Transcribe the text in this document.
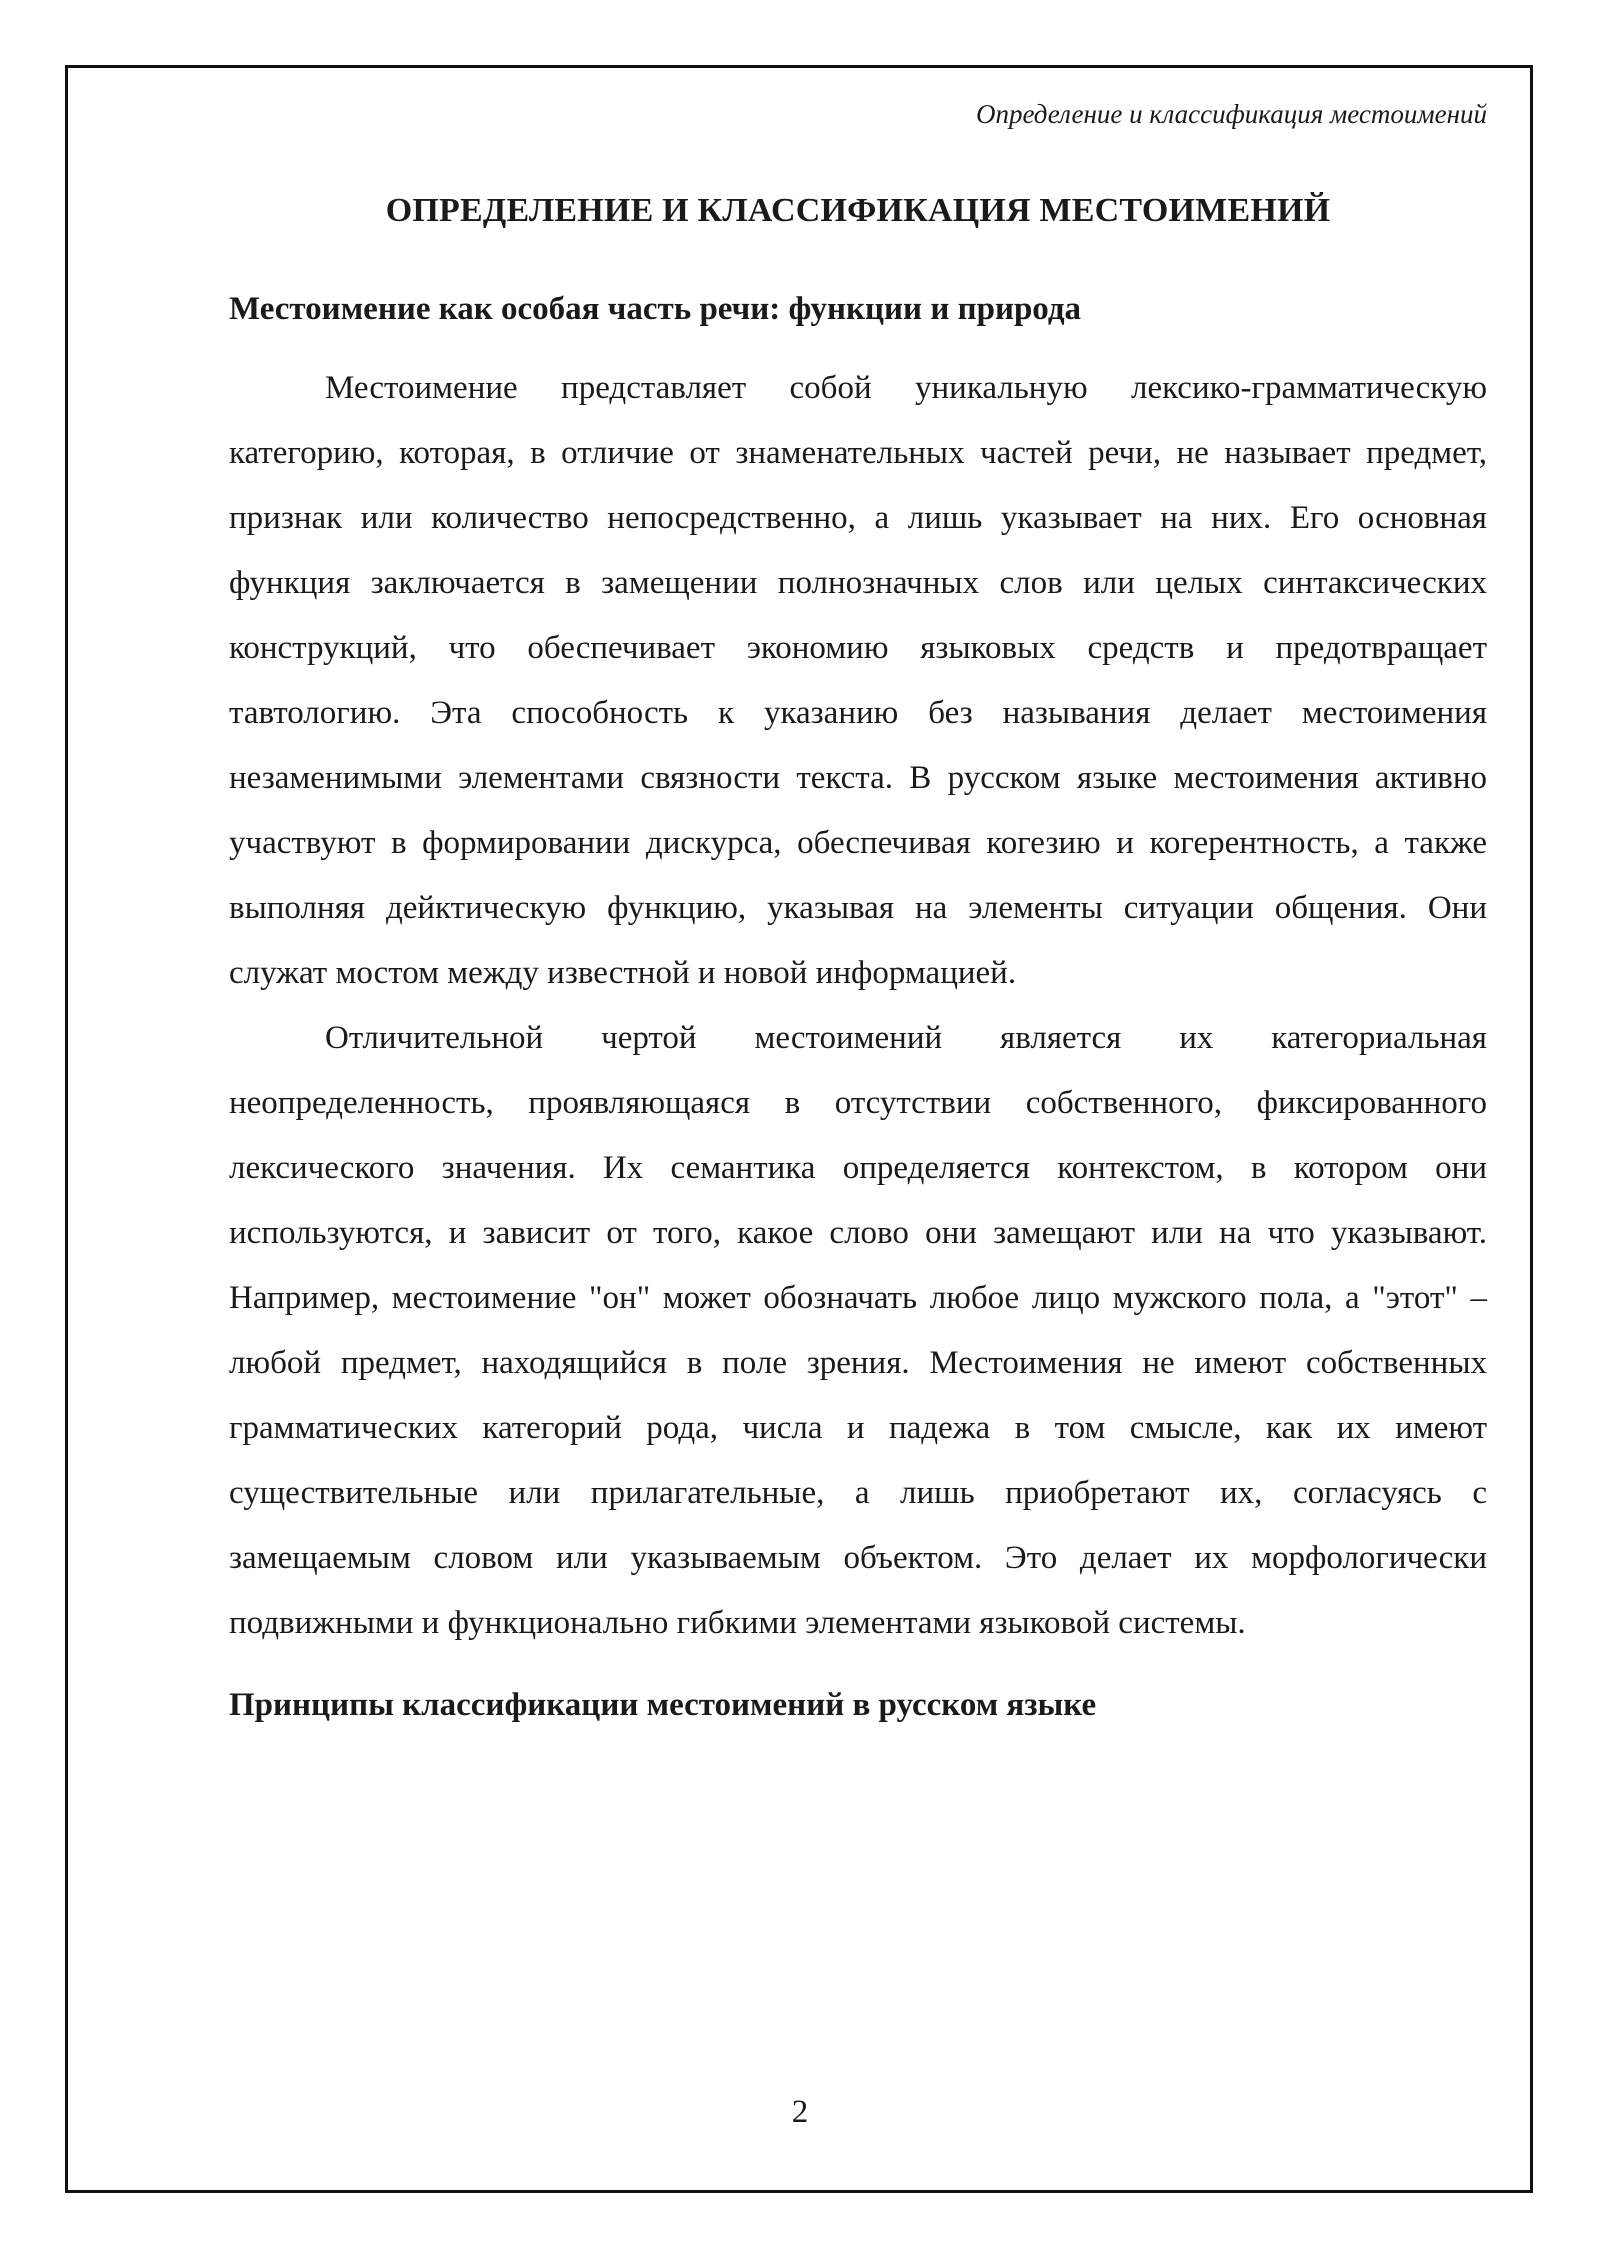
Определение и классификация местоимений
ОПРЕДЕЛЕНИЕ И КЛАССИФИКАЦИЯ МЕСТОИМЕНИЙ
Местоимение как особая часть речи: функции и природа

Местоимение представляет собой уникальную лексико-грамматическую категорию, которая, в отличие от знаменательных частей речи, не называет предмет, признак или количество непосредственно, а лишь указывает на них. Его основная функция заключается в замещении полнозначных слов или целых синтаксических конструкций, что обеспечивает экономию языковых средств и предотвращает тавтологию. Эта способность к указанию без называния делает местоимения незаменимыми элементами связности текста. В русском языке местоимения активно участвуют в формировании дискурса, обеспечивая когезию и когерентность, а также выполняя дейктическую функцию, указывая на элементы ситуации общения. Они служат мостом между известной и новой информацией.

Отличительной чертой местоимений является их категориальная неопределенность, проявляющаяся в отсутствии собственного, фиксированного лексического значения. Их семантика определяется контекстом, в котором они используются, и зависит от того, какое слово они замещают или на что указывают. Например, местоимение "он" может обозначать любое лицо мужского пола, а "этот" – любой предмет, находящийся в поле зрения. Местоимения не имеют собственных грамматических категорий рода, числа и падежа в том смысле, как их имеют существительные или прилагательные, а лишь приобретают их, согласуясь с замещаемым словом или указываемым объектом. Это делает их морфологически подвижными и функционально гибкими элементами языковой системы.

Принципы классификации местоимений в русском языке
2
